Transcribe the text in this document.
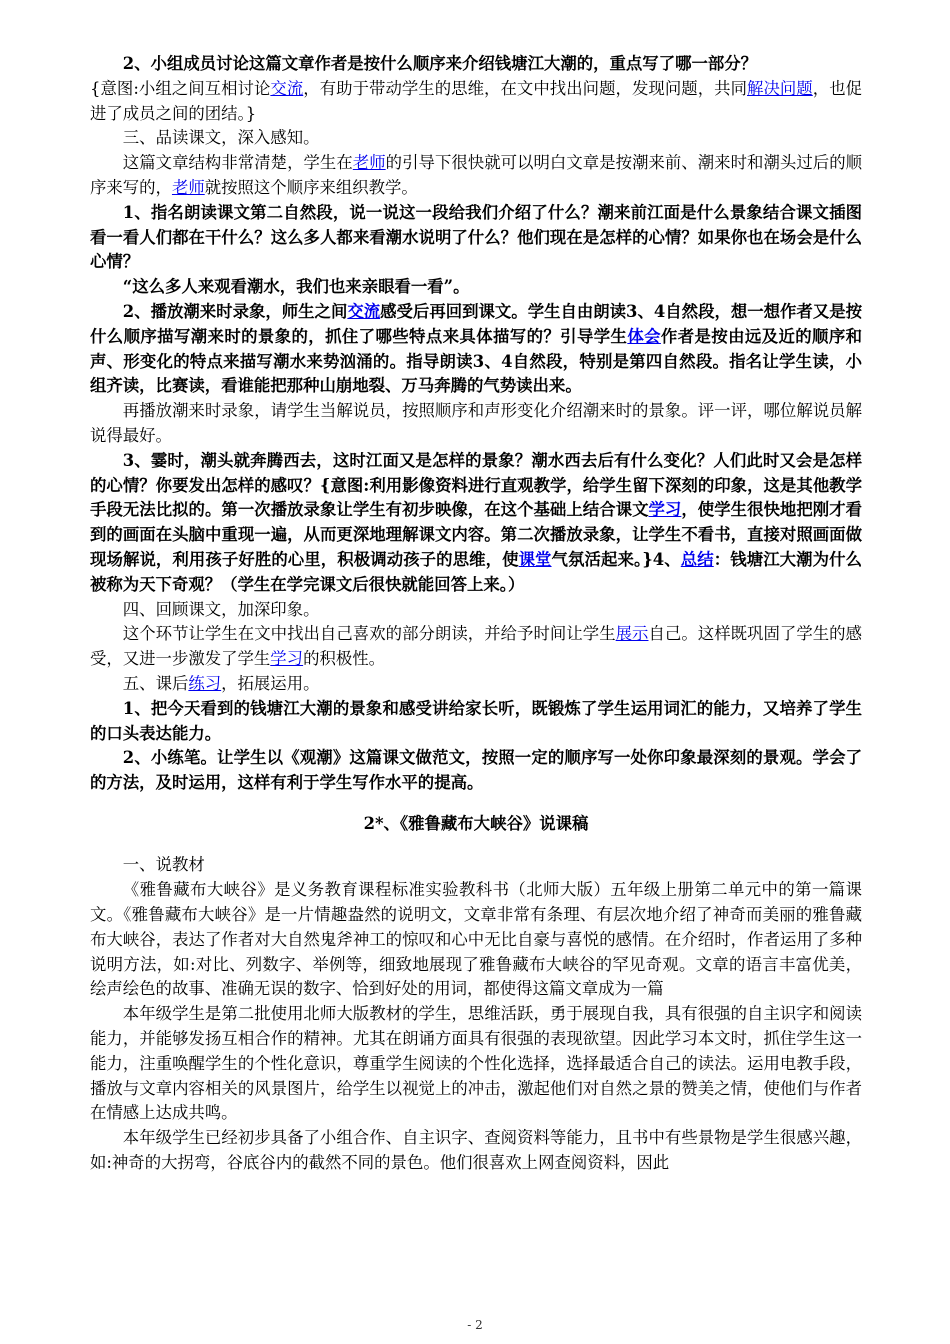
2、小组成员讨论这篇文章作者是按什么顺序来介绍钱塘江大潮的，重点写了哪一部分？

{意图:小组之间互相讨论交流，有助于带动学生的思维，在文中找出问题，发现问题，共同解决问题，也促进了成员之间的团结。}

三、品读课文，深入感知。

这篇文章结构非常清楚，学生在老师的引导下很快就可以明白文章是按潮来前、潮来时和潮头过后的顺序来写的，老师就按照这个顺序来组织教学。

1、指名朗读课文第二自然段，说一说这一段给我们介绍了什么？潮来前江面是什么景象结合课文插图看一看人们都在干什么？这么多人都来看潮水说明了什么？他们现在是怎样的心情？如果你也在场会是什么心情？

“这么多人来观看潮水，我们也来亲眼看一看”。

2、播放潮来时录象，师生之间交流感受后再回到课文。学生自由朗读3、4自然段，想一想作者又是按什么顺序描写潮来时的景象的，抓住了哪些特点来具体描写的？引导学生体会作者是按由远及近的顺序和声、形变化的特点来描写潮水来势汹涌的。指导朗读3、4自然段，特别是第四自然段。指名让学生读，小组齐读，比赛读，看谁能把那种山崩地裂、万马奔腾的气势读出来。

再播放潮来时录象，请学生当解说员，按照顺序和声形变化介绍潮来时的景象。评一评，哪位解说员解说得最好。

3、霎时，潮头就奔腾西去，这时江面又是怎样的景象？潮水西去后有什么变化？人们此时又会是怎样的心情？你要发出怎样的感叹？{意图:利用影像资料进行直观教学，给学生留下深刻的印象，这是其他教学手段无法比拟的。第一次播放录象让学生有初步映像，在这个基础上结合课文学习，使学生很快地把刚才看到的画面在头脑中重现一遍，从而更深地理解课文内容。第二次播放录象，让学生不看书，直接对照画面做现场解说，利用孩子好胜的心里，积极调动孩子的思维，使课堂气氛活起来。}4、总结：钱塘江大潮为什么被称为天下奇观？（学生在学完课文后很快就能回答上来。）

四、回顾课文，加深印象。

这个环节让学生在文中找出自己喜欢的部分朗读，并给予时间让学生展示自己。这样既巩固了学生的感受，又进一步激发了学生学习的积极性。

五、课后练习，拓展运用。

1、把今天看到的钱塘江大潮的景象和感受讲给家长听，既锻炼了学生运用词汇的能力，又培养了学生的口头表达能力。

2、小练笔。让学生以《观潮》这篇课文做范文，按照一定的顺序写一处你印象最深刻的景观。学会了的方法，及时运用，这样有利于学生写作水平的提高。

2*、《雅鲁藏布大峡谷》说课稿

一、说教材

《雅鲁藏布大峡谷》是义务教育课程标准实验教科书（北师大版）五年级上册第二单元中的第一篇课文。《雅鲁藏布大峡谷》是一片情趣盎然的说明文，文章非常有条理、有层次地介绍了神奇而美丽的雅鲁藏布大峡谷，表达了作者对大自然鬼斧神工的惊叹和心中无比自豪与喜悦的感情。在介绍时，作者运用了多种说明方法，如:对比、列数字、举例等，细致地展现了雅鲁藏布大峡谷的罕见奇观。文章的语言丰富优美，绘声绘色的故事、准确无误的数字、恰到好处的用词，都使得这篇文章成为一篇

本年级学生是第二批使用北师大版教材的学生，思维活跃，勇于展现自我，具有很强的自主识字和阅读能力，并能够发扬互相合作的精神。尤其在朗诵方面具有很强的表现欲望。因此学习本文时，抓住学生这一能力，注重唤醒学生的个性化意识，尊重学生阅读的个性化选择，选择最适合自己的读法。运用电教手段，播放与文章内容相关的风景图片，给学生以视觉上的冲击，激起他们对自然之景的赞美之情，使他们与作者在情感上达成共鸣。

本年级学生已经初步具备了小组合作、自主识字、查阅资料等能力，且书中有些景物是学生很感兴趣，如:神奇的大拐弯，谷底谷内的截然不同的景色。他们很喜欢上网查阅资料，因此

- 2
